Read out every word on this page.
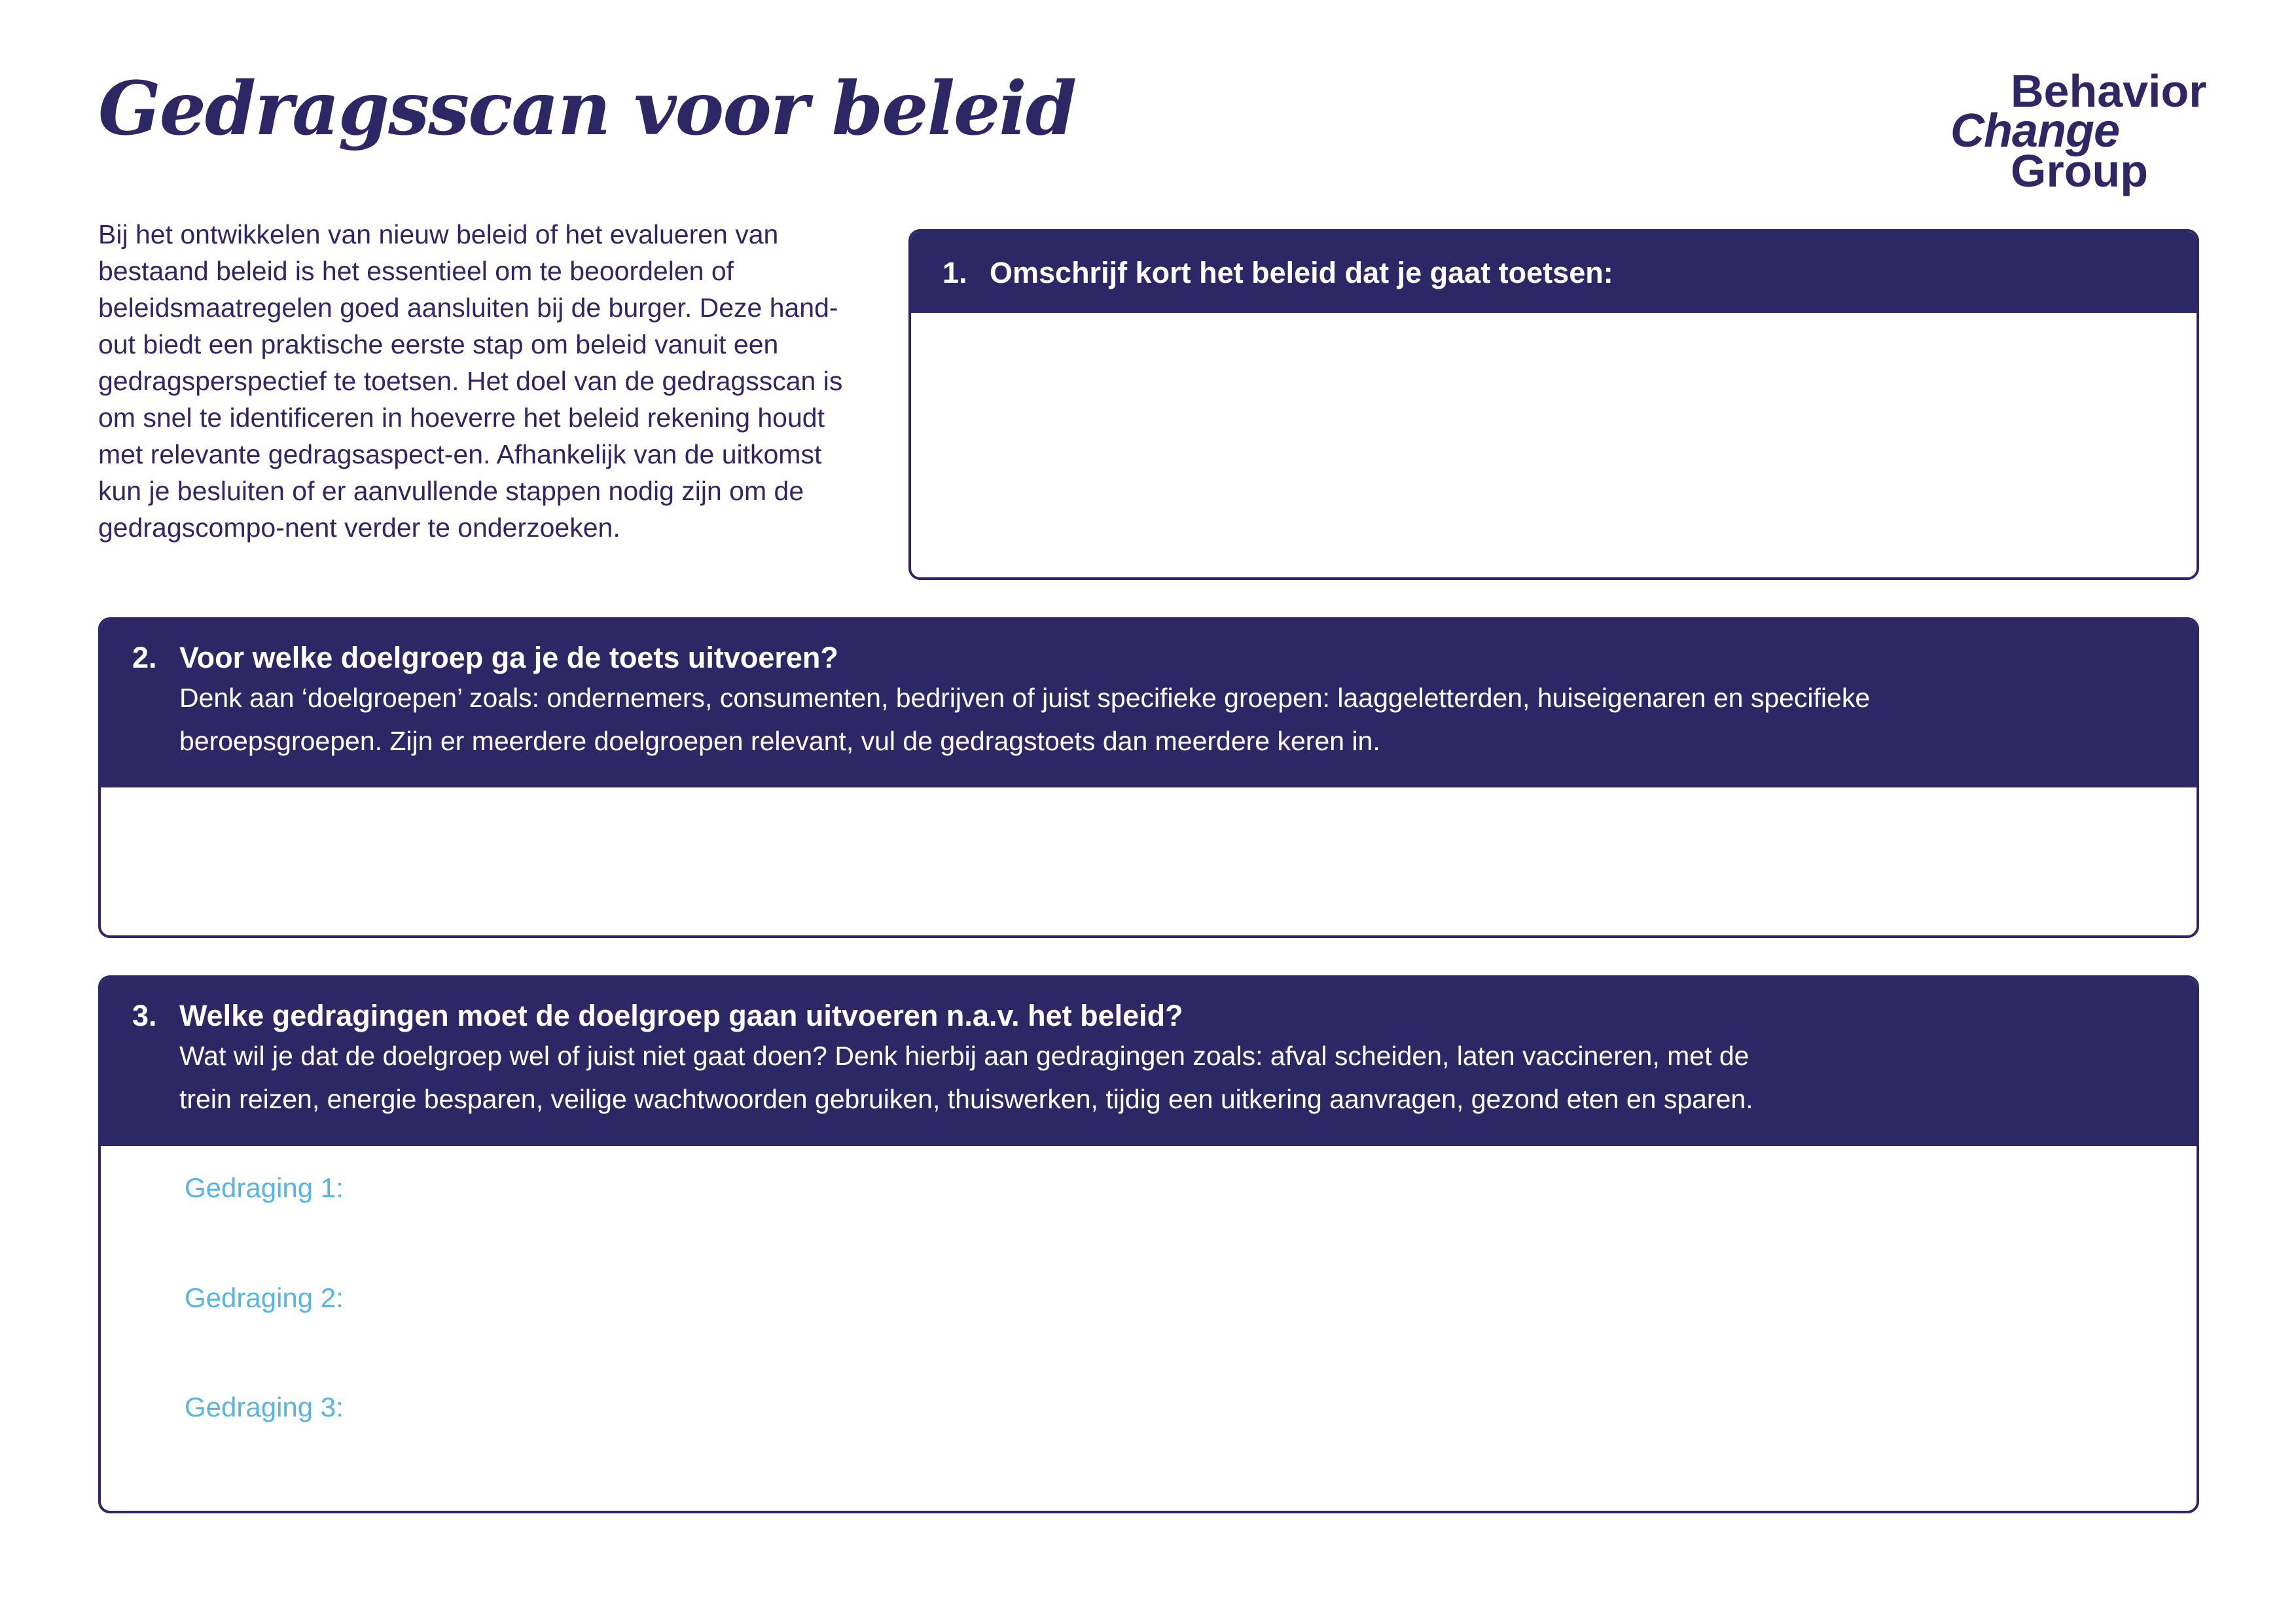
Gedragsscan voor beleid	Behavior
Change
Group

Bij het ontwikkelen van nieuw beleid of het evalueren van bestaand beleid is het essentieel om te beoordelen of beleidsmaatregelen goed aansluiten bij de burger. Deze hand-out biedt een praktische eerste stap om beleid vanuit een gedragsperspectief te toetsen. Het doel van de gedragsscan is om snel te identificeren in hoeverre het beleid rekening houdt met relevante gedragsaspect-en. Afhankelijk van de uitkomst kun je besluiten of er aanvullende stappen nodig zijn om de gedragscompo-nent verder te onderzoeken.

1. Omschrijf kort het beleid dat je gaat toetsen:
2. Voor welke doelgroep ga je de toets uitvoeren?
Denk aan ‘doelgroepen’ zoals: ondernemers, consumenten, bedrijven of juist specifieke groepen: laaggeletterden, huiseigenaren en specifieke
beroepsgroepen. Zijn er meerdere doelgroepen relevant, vul de gedragstoets dan meerdere keren in.
3. Welke gedragingen moet de doelgroep gaan uitvoeren n.a.v. het beleid?
Wat wil je dat de doelgroep wel of juist niet gaat doen? Denk hierbij aan gedragingen zoals: afval scheiden, laten vaccineren, met de
trein reizen, energie besparen, veilige wachtwoorden gebruiken, thuiswerken, tijdig een uitkering aanvragen, gezond eten en sparen.
Gedraging 1:
Gedraging 2:
Gedraging 3:
